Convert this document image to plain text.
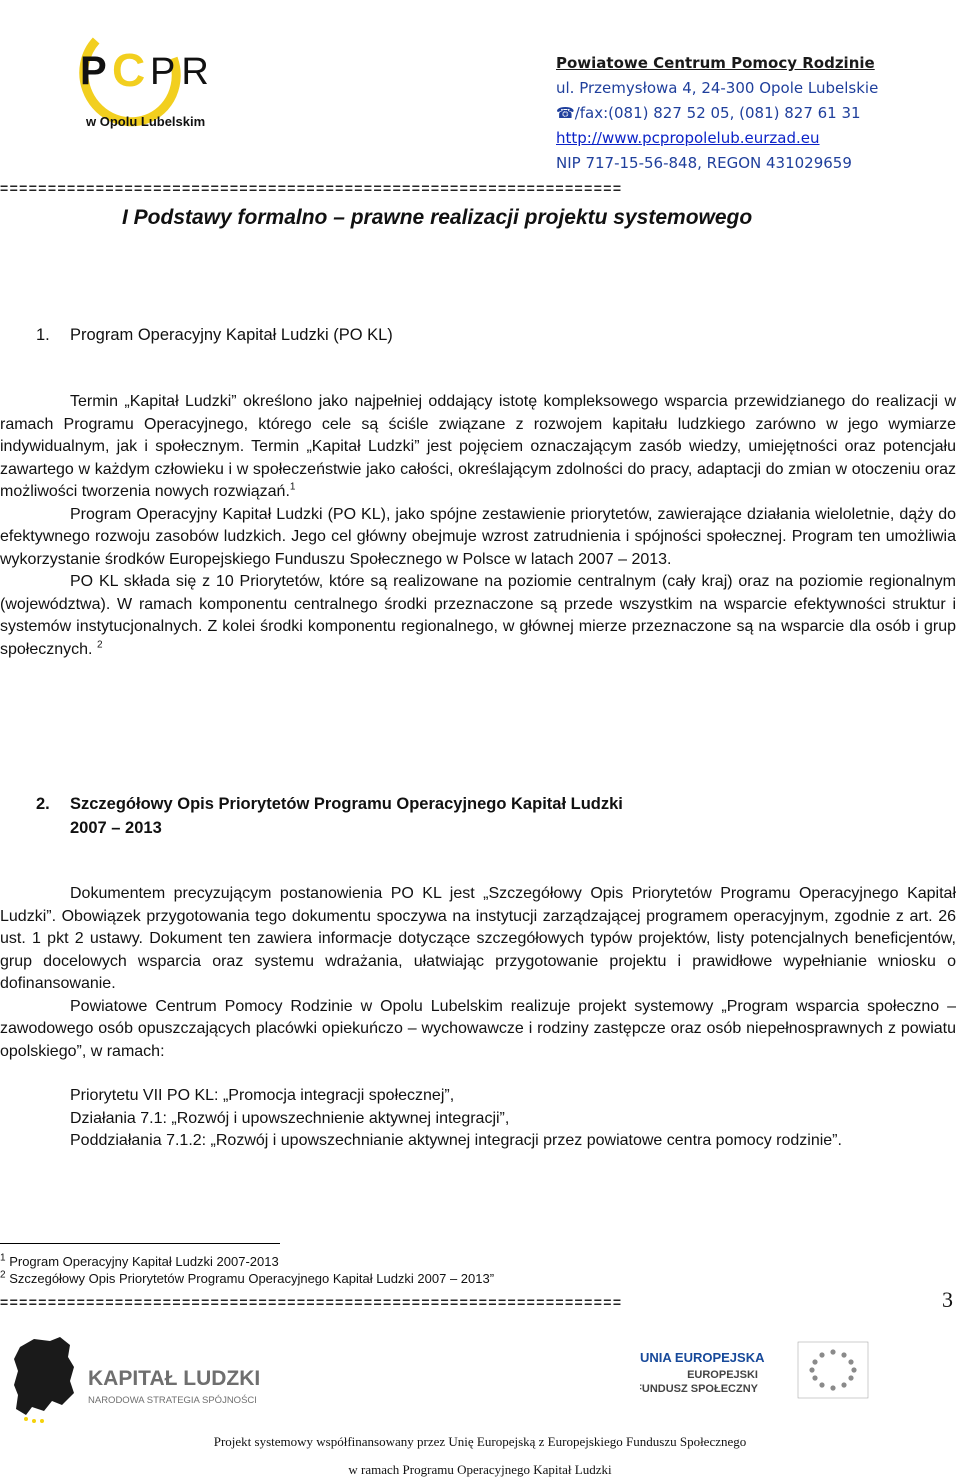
P C PR
w Opolu Lubelskim
Powiatowe Centrum Pomocy Rodzinie
ul. Przemysłowa 4, 24-300 Opole Lubelskie
☎/fax:(081) 827 52 05, (081) 827 61 31
http://www.pcpropolelub.eurzad.eu
NIP 717-15-56-848, REGON 431029659
=================================================================
I Podstawy formalno – prawne realizacji projektu systemowego
1. Program Operacyjny Kapitał Ludzki (PO KL)

Termin „Kapitał Ludzki” określono jako najpełniej oddający istotę kompleksowego wsparcia przewidzianego do realizacji w ramach Programu Operacyjnego, którego cele są ściśle związane z rozwojem kapitału ludzkiego zarówno w jego wymiarze indywidualnym, jak i społecznym. Termin „Kapitał Ludzki” jest pojęciem oznaczającym zasób wiedzy, umiejętności oraz potencjału zawartego w każdym człowieku i w społeczeństwie jako całości, określającym zdolności do pracy, adaptacji do zmian w otoczeniu oraz możliwości tworzenia nowych rozwiązań.$^1$

Program Operacyjny Kapitał Ludzki (PO KL), jako spójne zestawienie priorytetów, zawierające działania wieloletnie, dąży do efektywnego rozwoju zasobów ludzkich. Jego cel główny obejmuje wzrost zatrudnienia i spójności społecznej. Program ten umożliwia wykorzystanie środków Europejskiego Funduszu Społecznego w Polsce w latach 2007 – 2013.

PO KL składa się z 10 Priorytetów, które są realizowane na poziomie centralnym (cały kraj) oraz na poziomie regionalnym (województwa). W ramach komponentu centralnego środki przeznaczone są przede wszystkim na wsparcie efektywności struktur i systemów instytucjonalnych. Z kolei środki komponentu regionalnego, w głównej mierze przeznaczone są na wsparcie dla osób i grup społecznych. $^2$

2. Szczegółowy Opis Priorytetów Programu Operacyjnego Kapitał Ludzki
2007 – 2013

Dokumentem precyzującym postanowienia PO KL jest „Szczegółowy Opis Priorytetów Programu Operacyjnego Kapitał Ludzki”. Obowiązek przygotowania tego dokumentu spoczywa na instytucji zarządzającej programem operacyjnym, zgodnie z art. 26 ust. 1 pkt 2 ustawy. Dokument ten zawiera informacje dotyczące szczegółowych typów projektów, listy potencjalnych beneficjentów, grup docelowych wsparcia oraz systemu wdrażania, ułatwiając przygotowanie projektu i prawidłowe wypełnianie wniosku o dofinansowanie.

Powiatowe Centrum Pomocy Rodzinie w Opolu Lubelskim realizuje projekt systemowy „Program wsparcia społeczno – zawodowego osób opuszczających placówki opiekuńczo – wychowawcze i rodziny zastępcze oraz osób niepełnosprawnych z powiatu opolskiego”, w ramach:

Priorytetu VII PO KL: „Promocja integracji społecznej”,

Działania 7.1: „Rozwój i upowszechnienie aktywnej integracji”,

Poddziałania 7.1.2: „Rozwój i upowszechnianie aktywnej integracji przez powiatowe centra pomocy rodzinie”.

$^1$ Program Operacyjny Kapitał Ludzki 2007-2013
$^2$ Szczegółowy Opis Priorytetów Programu Operacyjnego Kapitał Ludzki 2007 – 2013”
=================================================================	3
KAPITAŁ LUDZKI
NARODOWA STRATEGIA SPÓJNOŚCI
UNIA EUROPEJSKA
EUROPEJSKI
FUNDUSZ SPOŁECZNY
Projekt systemowy współfinansowany przez Unię Europejską z Europejskiego Funduszu Społecznego
w ramach Programu Operacyjnego Kapitał Ludzki
